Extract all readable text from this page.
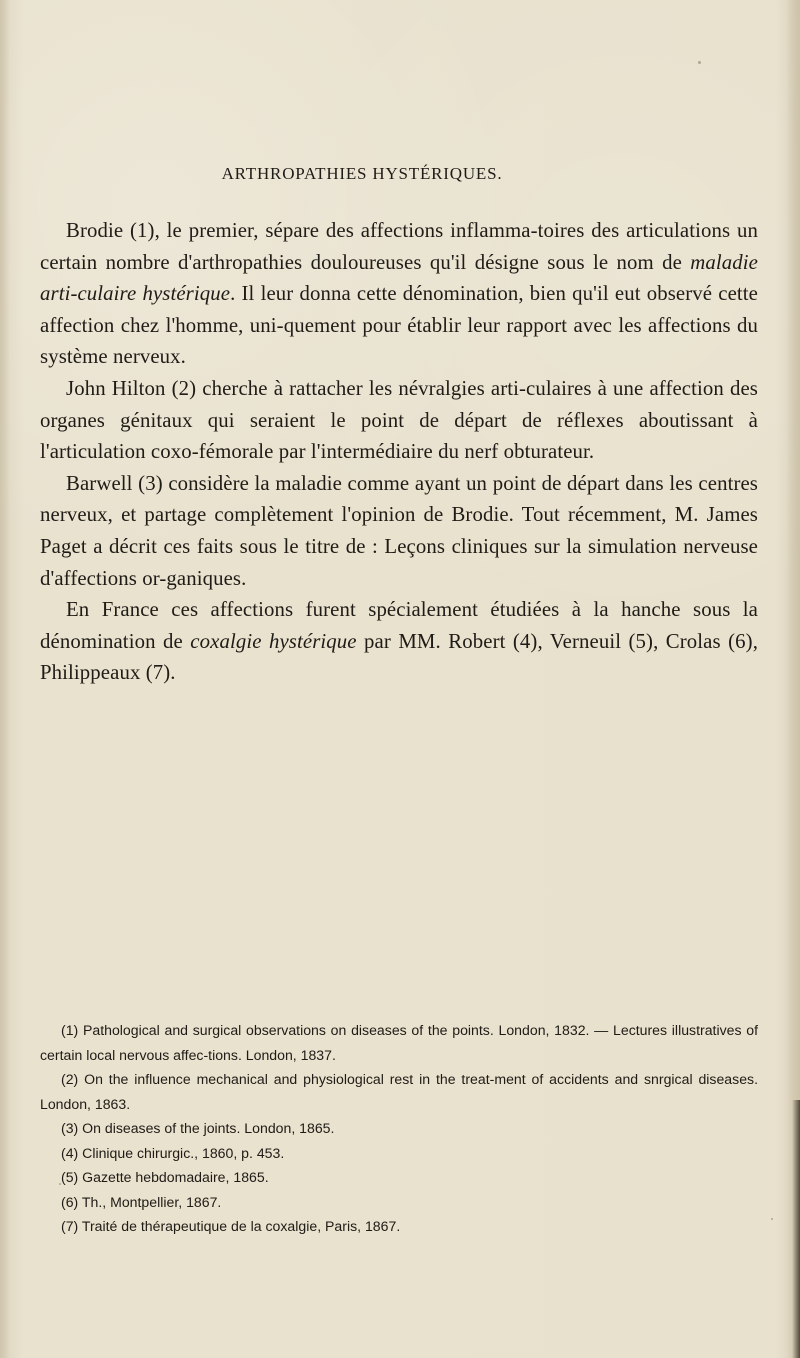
ARTHROPATHIES HYSTÉRIQUES.

Brodie (1), le premier, sépare des affections inflamma-toires des articulations un certain nombre d'arthropathies douloureuses qu'il désigne sous le nom de maladie arti-culaire hystérique. Il leur donna cette dénomination, bien qu'il eut observé cette affection chez l'homme, uni-quement pour établir leur rapport avec les affections du système nerveux.

John Hilton (2) cherche à rattacher les névralgies arti-culaires à une affection des organes génitaux qui seraient le point de départ de réflexes aboutissant à l'articulation coxo-fémorale par l'intermédiaire du nerf obturateur.

Barwell (3) considère la maladie comme ayant un point de départ dans les centres nerveux, et partage complètement l'opinion de Brodie. Tout récemment, M. James Paget a décrit ces faits sous le titre de : Leçons cliniques sur la simulation nerveuse d'affections or-ganiques.

En France ces affections furent spécialement étudiées à la hanche sous la dénomination de coxalgie hystérique par MM. Robert (4), Verneuil (5), Crolas (6), Philippeaux (7).

(1) Pathological and surgical observations on diseases of the points. London, 1832. — Lectures illustratives of certain local nervous affec-tions. London, 1837.

(2) On the influence mechanical and physiological rest in the treat-ment of accidents and snrgical diseases. London, 1863.

(3) On diseases of the joints. London, 1865.

(4) Clinique chirurgic., 1860, p. 453.

(5) Gazette hebdomadaire, 1865.

(6) Th., Montpellier, 1867.

(7) Traité de thérapeutique de la coxalgie, Paris, 1867.
